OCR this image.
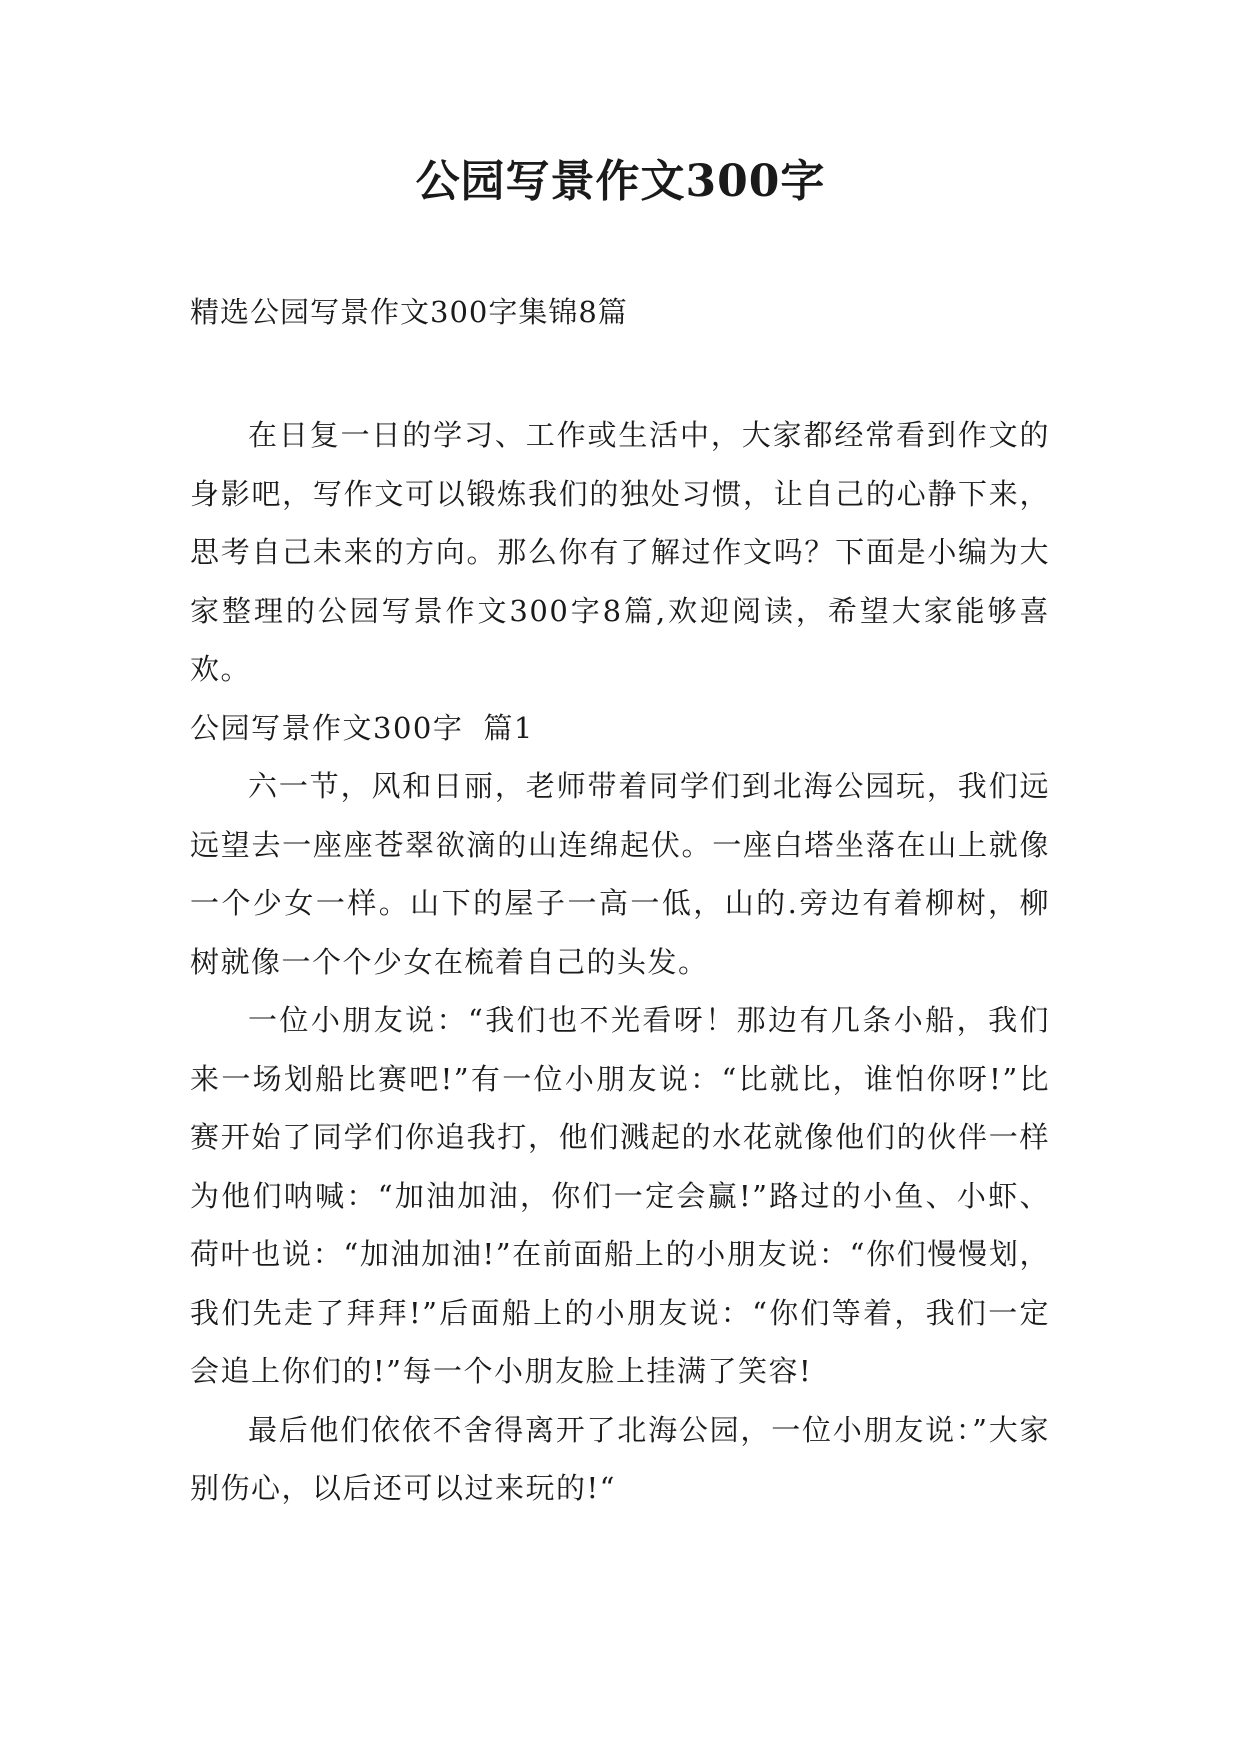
公园写景作文300字
精选公园写景作文300字集锦8篇

在日复一日的学习、工作或生活中，大家都经常看到作文的身影吧，写作文可以锻炼我们的独处习惯，让自己的心静下来，思考自己未来的方向。那么你有了解过作文吗？下面是小编为大家整理的公园写景作文300字8篇,欢迎阅读，希望大家能够喜欢。

公园写景作文300字 篇1

六一节，风和日丽，老师带着同学们到北海公园玩，我们远远望去一座座苍翠欲滴的山连绵起伏。一座白塔坐落在山上就像一个少女一样。山下的屋子一高一低，山的.旁边有着柳树，柳树就像一个个少女在梳着自己的头发。

一位小朋友说：“我们也不光看呀！那边有几条小船，我们来一场划船比赛吧!”有一位小朋友说：“比就比，谁怕你呀!”比赛开始了同学们你追我打，他们溅起的水花就像他们的伙伴一样为他们呐喊：“加油加油，你们一定会赢!”路过的小鱼、小虾、荷叶也说：“加油加油!”在前面船上的小朋友说：“你们慢慢划，我们先走了拜拜!”后面船上的小朋友说：“你们等着，我们一定会追上你们的!”每一个小朋友脸上挂满了笑容!

最后他们依依不舍得离开了北海公园，一位小朋友说：”大家别伤心，以后还可以过来玩的!“
